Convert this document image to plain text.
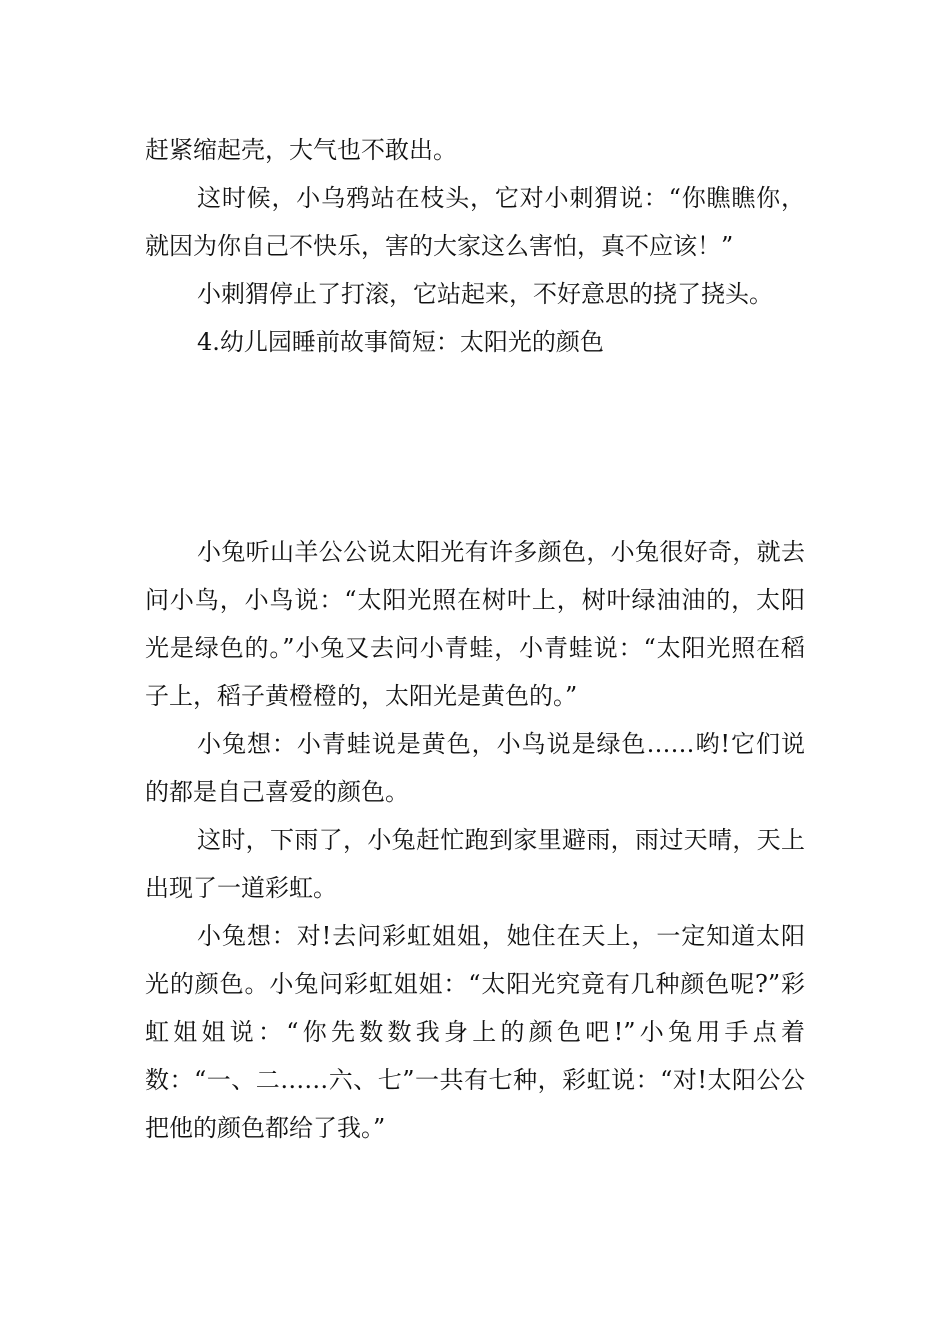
赶紧缩起壳，大气也不敢出。

这时候，小乌鸦站在枝头，它对小刺猬说：“你瞧瞧你，就因为你自己不快乐，害的大家这么害怕，真不应该！”

小刺猬停止了打滚，它站起来，不好意思的挠了挠头。

4.幼儿园睡前故事简短：太阳光的颜色

小兔听山羊公公说太阳光有许多颜色，小兔很好奇，就去问小鸟，小鸟说：“太阳光照在树叶上，树叶绿油油的，太阳光是绿色的。”小兔又去问小青蛙，小青蛙说：“太阳光照在稻子上，稻子黄橙橙的，太阳光是黄色的。”

小兔想：小青蛙说是黄色，小鸟说是绿色……哟!它们说的都是自己喜爱的颜色。

这时，下雨了，小兔赶忙跑到家里避雨，雨过天晴，天上出现了一道彩虹。

小兔想：对!去问彩虹姐姐，她住在天上，一定知道太阳光的颜色。小兔问彩虹姐姐：“太阳光究竟有几种颜色呢?”彩虹姐姐说：“你先数数我身上的颜色吧!”小兔用手点着数：“一、二……六、七”一共有七种，彩虹说：“对!太阳公公把他的颜色都给了我。”
